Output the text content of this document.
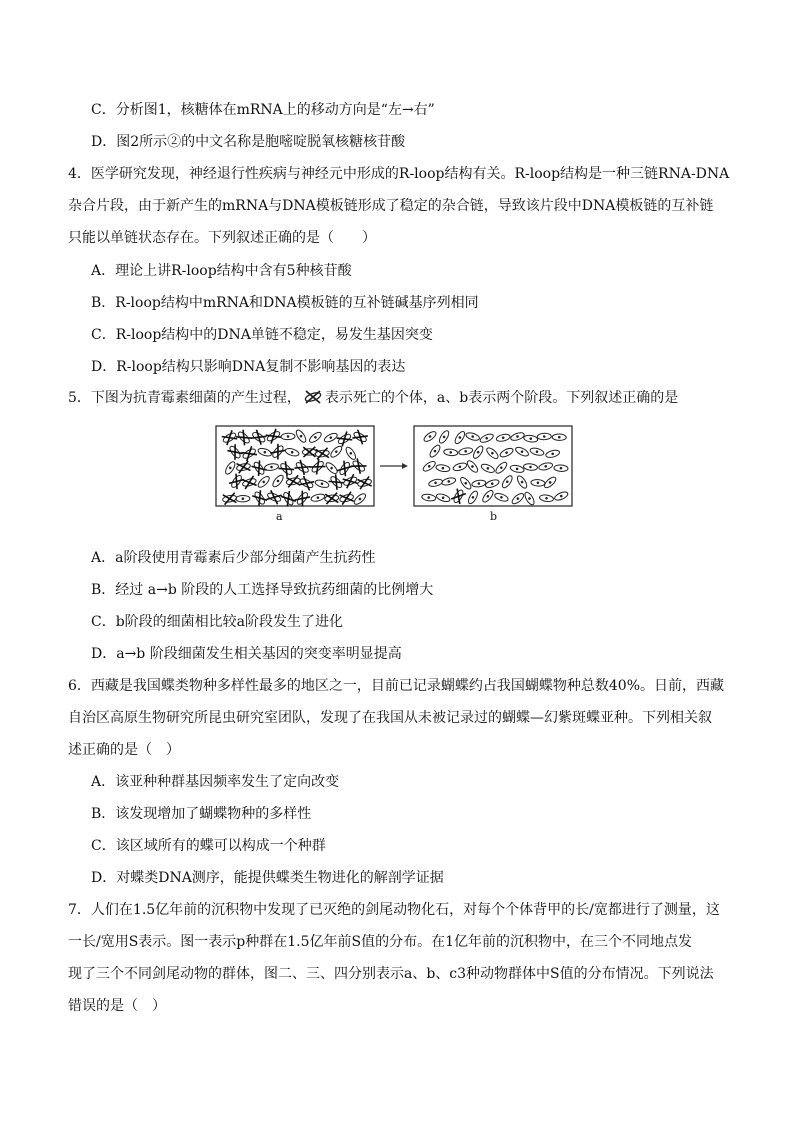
C．分析图1，核糖体在mRNA上的移动方向是“左→右”
D．图2所示②的中文名称是胞嘧啶脱氧核糖核苷酸
4．医学研究发现，神经退行性疾病与神经元中形成的R-loop结构有关。R-loop结构是一种三链RNA-DNA
杂合片段，由于新产生的mRNA与DNA模板链形成了稳定的杂合链，导致该片段中DNA模板链的互补链
只能以单链状态存在。下列叙述正确的是（　　）
A．理论上讲R-loop结构中含有5种核苷酸
B．R-loop结构中mRNA和DNA模板链的互补链碱基序列相同
C．R-loop结构中的DNA单链不稳定，易发生基因突变
D．R-loop结构只影响DNA复制不影响基因的表达
5．下图为抗青霉素细菌的产生过程， 表示死亡的个体，a、b表示两个阶段。下列叙述正确的是
a	b
A．a阶段使用青霉素后少部分细菌产生抗药性
B．经过 a→b 阶段的人工选择导致抗药细菌的比例增大
C．b阶段的细菌相比较a阶段发生了进化
D．a→b 阶段细菌发生相关基因的突变率明显提高
6．西藏是我国蝶类物种多样性最多的地区之一，目前已记录蝴蝶约占我国蝴蝶物种总数40%。日前，西藏
自治区高原生物研究所昆虫研究室团队，发现了在我国从未被记录过的蝴蝶—幻紫斑蝶亚种。下列相关叙
述正确的是（　）
A．该亚种种群基因频率发生了定向改变
B．该发现增加了蝴蝶物种的多样性
C．该区域所有的蝶可以构成一个种群
D．对蝶类DNA测序，能提供蝶类生物进化的解剖学证据
7．人们在1.5亿年前的沉积物中发现了已灭绝的剑尾动物化石，对每个个体背甲的长/宽都进行了测量，这
一长/宽用S表示。图一表示p种群在1.5亿年前S值的分布。在1亿年前的沉积物中，在三个不同地点发
现了三个不同剑尾动物的群体，图二、三、四分别表示a、b、c3种动物群体中S值的分布情况。下列说法
错误的是（　）
